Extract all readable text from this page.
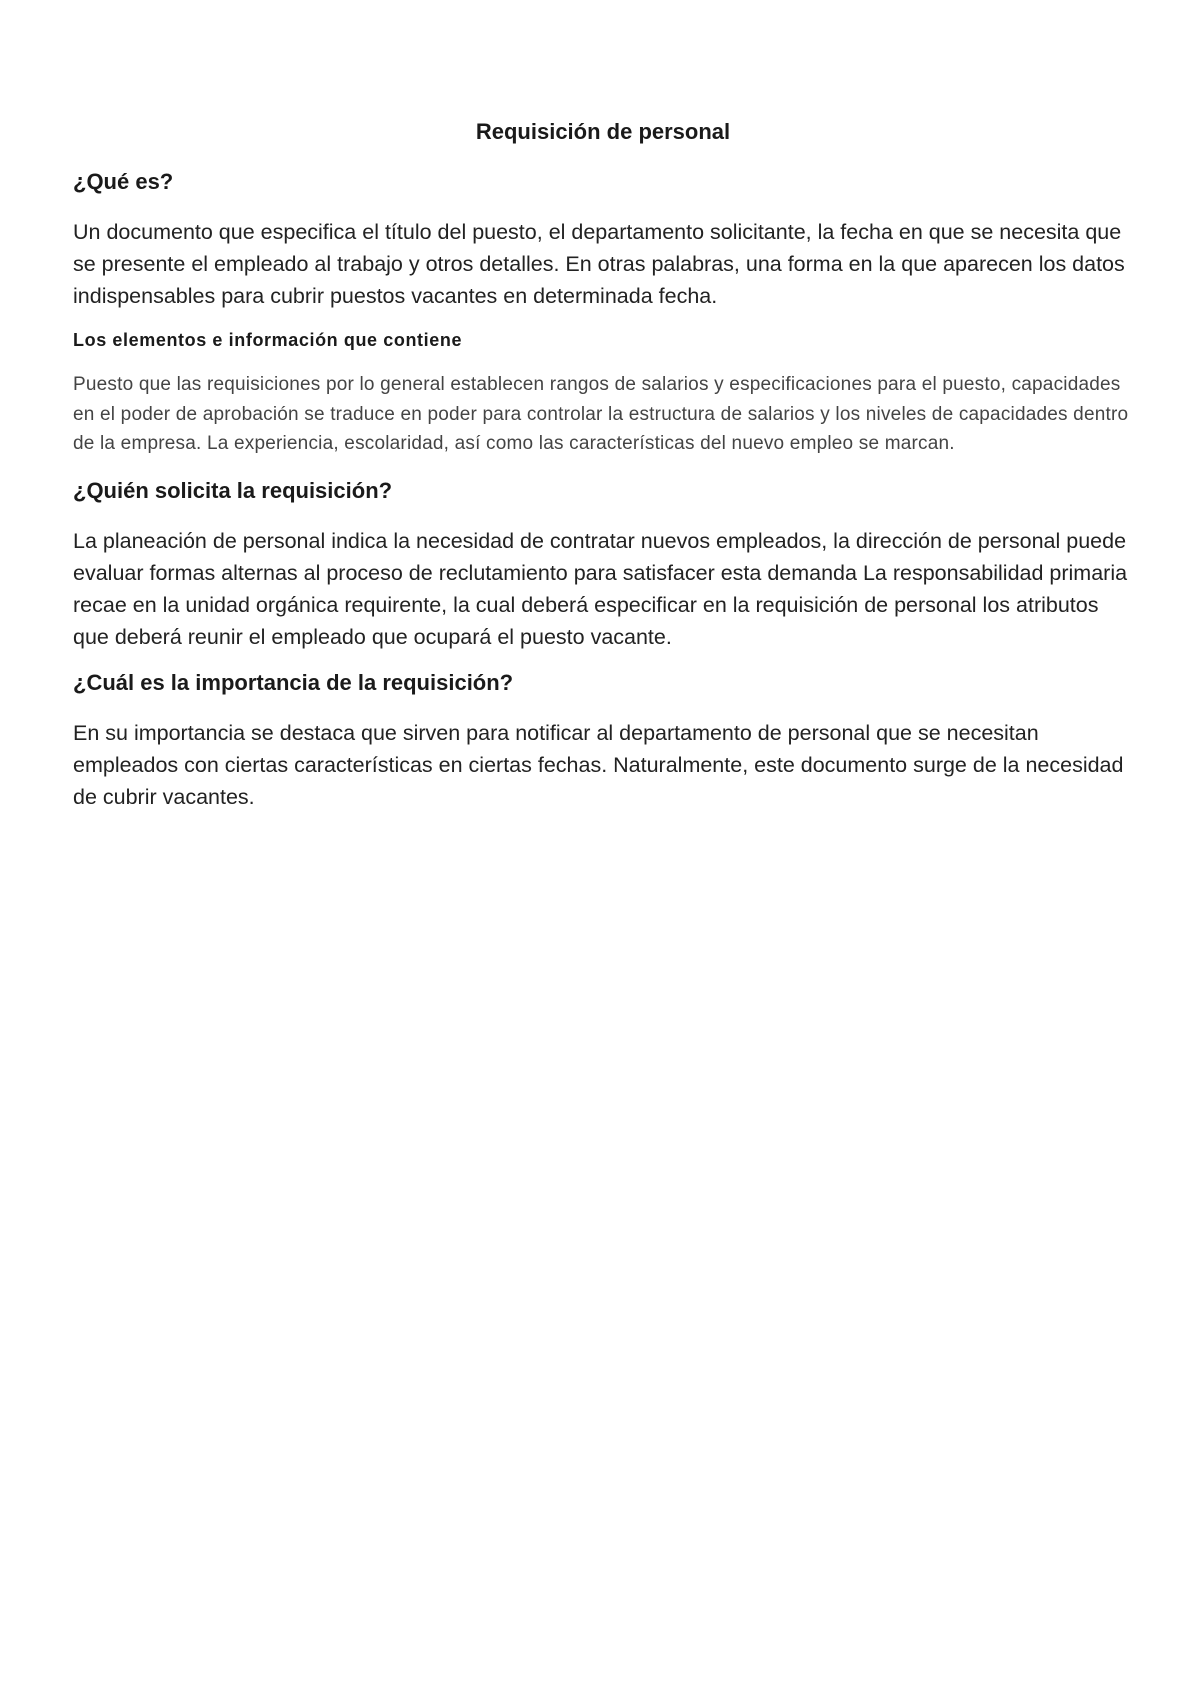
Requisición de personal
¿Qué es?
Un documento que especifica el título del puesto, el departamento solicitante, la fecha en que se necesita que se presente el empleado al trabajo y otros detalles. En otras palabras, una forma en la que aparecen los datos indispensables para cubrir puestos vacantes en determinada fecha.
Los elementos e información que contiene
Puesto que las requisiciones por lo general establecen rangos de salarios y especificaciones para el puesto, capacidades en el poder de aprobación se traduce en poder para controlar la estructura de salarios y los niveles de capacidades dentro de la empresa. La experiencia, escolaridad, así como las características del nuevo empleo se marcan.
¿Quién solicita la requisición?
La planeación de personal indica la necesidad de contratar nuevos empleados, la dirección de personal puede evaluar formas alternas al proceso de reclutamiento para satisfacer esta demanda La responsabilidad primaria recae en la unidad orgánica requirente, la cual deberá especificar en la requisición de personal los atributos que deberá reunir el empleado que ocupará el puesto vacante.
¿Cuál es la importancia de la requisición?
En su importancia se destaca que sirven para notificar al departamento de personal que se necesitan empleados con ciertas características en ciertas fechas. Naturalmente, este documento surge de la necesidad de cubrir vacantes.
